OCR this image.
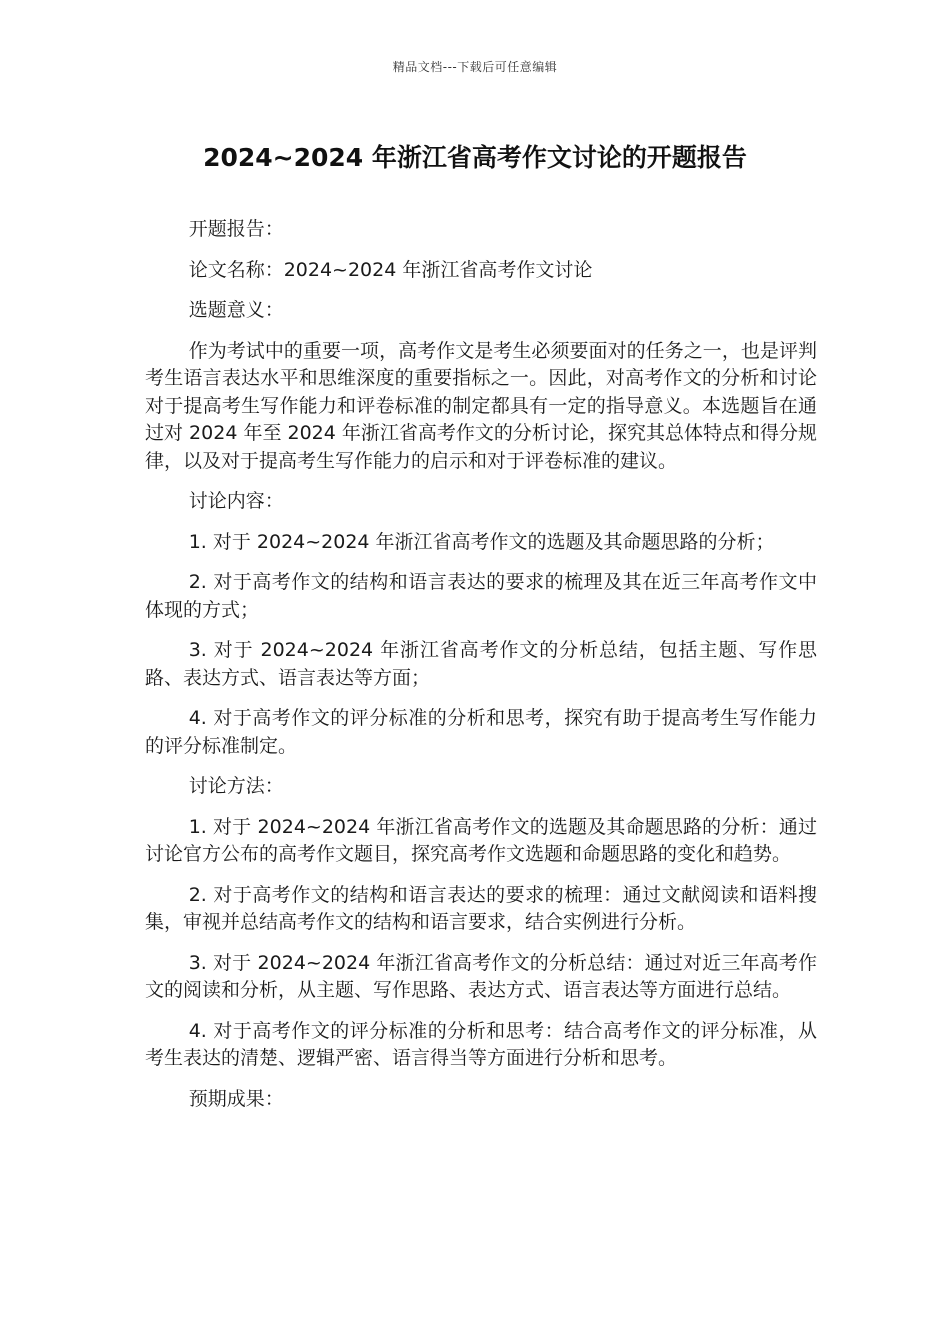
精品文档---下载后可任意编辑
2024~2024 年浙江省高考作文讨论的开题报告

开题报告：

论文名称：2024~2024 年浙江省高考作文讨论

选题意义：

作为考试中的重要一项，高考作文是考生必须要面对的任务之一，也是评判考生语言表达水平和思维深度的重要指标之一。因此，对高考作文的分析和讨论对于提高考生写作能力和评卷标准的制定都具有一定的指导意义。本选题旨在通过对 2024 年至 2024 年浙江省高考作文的分析讨论，探究其总体特点和得分规律，以及对于提高考生写作能力的启示和对于评卷标准的建议。

讨论内容：

1. 对于 2024~2024 年浙江省高考作文的选题及其命题思路的分析；

2. 对于高考作文的结构和语言表达的要求的梳理及其在近三年高考作文中体现的方式；

3. 对于 2024~2024 年浙江省高考作文的分析总结，包括主题、写作思路、表达方式、语言表达等方面；

4. 对于高考作文的评分标准的分析和思考，探究有助于提高考生写作能力的评分标准制定。

讨论方法：

1. 对于 2024~2024 年浙江省高考作文的选题及其命题思路的分析：通过讨论官方公布的高考作文题目，探究高考作文选题和命题思路的变化和趋势。

2. 对于高考作文的结构和语言表达的要求的梳理：通过文献阅读和语料搜集，审视并总结高考作文的结构和语言要求，结合实例进行分析。

3. 对于 2024~2024 年浙江省高考作文的分析总结：通过对近三年高考作文的阅读和分析，从主题、写作思路、表达方式、语言表达等方面进行总结。

4. 对于高考作文的评分标准的分析和思考：结合高考作文的评分标准，从考生表达的清楚、逻辑严密、语言得当等方面进行分析和思考。

预期成果：
